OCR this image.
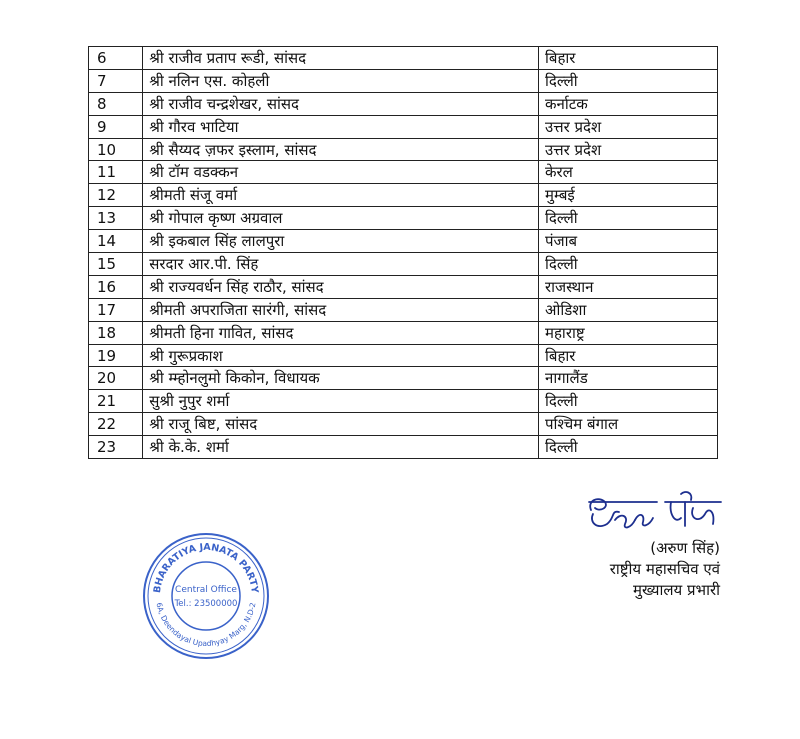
6	श्री राजीव प्रताप रूडी, सांसद	बिहार
7	श्री नलिन एस. कोहली	दिल्ली
8	श्री राजीव चन्द्रशेखर, सांसद	कर्नाटक
9	श्री गौरव भाटिया	उत्तर प्रदेश
10	श्री सैय्यद ज़फर इस्लाम, सांसद	उत्तर प्रदेश
11	श्री टॉम वडक्कन	केरल
12	श्रीमती संजू वर्मा	मुम्बई
13	श्री गोपाल कृष्ण अग्रवाल	दिल्ली
14	श्री इकबाल सिंह लालपुरा	पंजाब
15	सरदार आर.पी. सिंह	दिल्ली
16	श्री राज्यवर्धन सिंह राठौर, सांसद	राजस्थान
17	श्रीमती अपराजिता सारंगी, सांसद	ओडिशा
18	श्रीमती हिना गावित, सांसद	महाराष्ट्र
19	श्री गुरूप्रकाश	बिहार
20	श्री म्म्होनलुमो किकोन, विधायक	नागालैंड
21	सुश्री नुपुर शर्मा	दिल्ली
22	श्री राजू बिष्ट, सांसद	पश्चिम बंगाल
23	श्री के.के. शर्मा	दिल्ली
(अरुण सिंह)
राष्ट्रीय महासचिव एवं
मुख्यालय प्रभारी
BHARATIYA JANATA PARTY
6A, Deendayal Upadhyay Marg, N.D-2
Central Office
Tel.: 23500000
